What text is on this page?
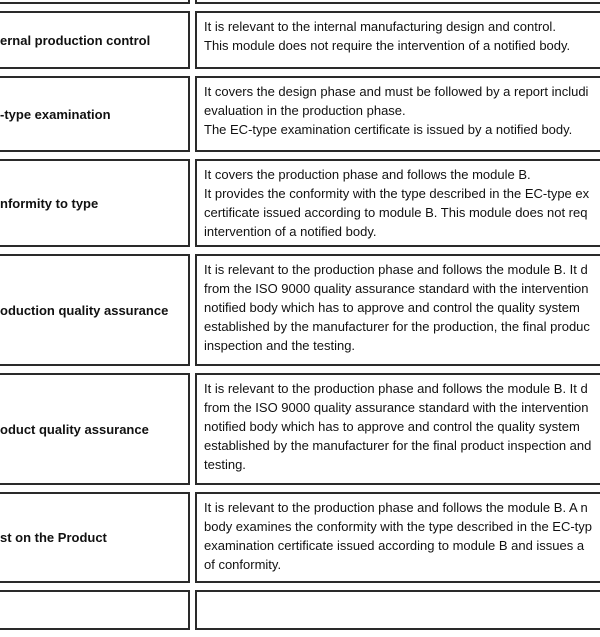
ernal production control	It is relevant to the internal manufacturing design and control.
This module does not require the intervention of a notified body.

-type examination	It covers the design phase and must be followed by a report includi
evaluation in the production phase.
The EC-type examination certificate is issued by a notified body.

nformity to type	It covers the production phase and follows the module B.
It provides the conformity with the type described in the EC-type ex
certificate issued according to module B. This module does not req
intervention of a notified body.

oduction quality assurance	It is relevant to the production phase and follows the module B. It d
from the ISO 9000 quality assurance standard with the intervention
notified body which has to approve and control the quality system
established by the manufacturer for the production, the final produc
inspection and the testing.

oduct quality assurance	It is relevant to the production phase and follows the module B. It d
from the ISO 9000 quality assurance standard with the intervention
notified body which has to approve and control the quality system
established by the manufacturer for the final product inspection and
testing.

st on the Product	It is relevant to the production phase and follows the module B. A n
body examines the conformity with the type described in the EC-typ
examination certificate issued according to module B and issues a
of conformity.
